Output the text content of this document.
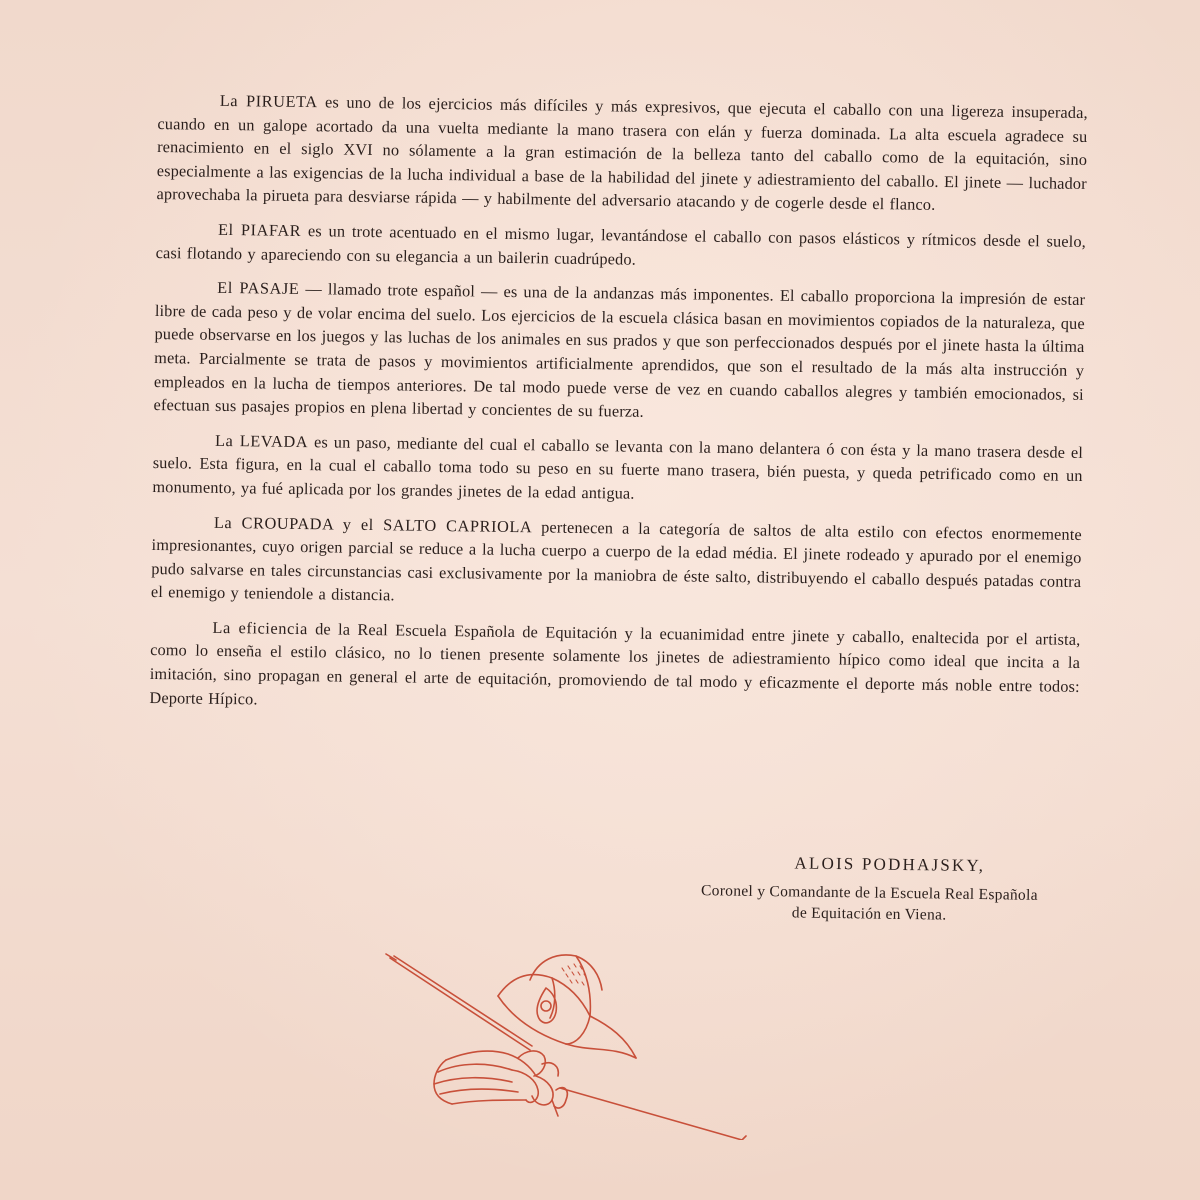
La PIRUETA es uno de los ejercicios más difíciles y más expresivos, que ejecuta el caballo con una ligereza insuperada, cuando en un galope acortado da una vuelta mediante la mano trasera con elán y fuerza dominada. La alta escuela agradece su renacimiento en el siglo XVI no sólamente a la gran estimación de la belleza tanto del caballo como de la equitación, sino especialmente a las exigencias de la lucha individual a base de la habilidad del jinete y adiestramiento del caballo. El jinete — luchador aprovechaba la pirueta para desviarse rápida — y habilmente del adversario atacando y de cogerle desde el flanco.

El PIAFAR es un trote acentuado en el mismo lugar, levantándose el caballo con pasos elásticos y rítmicos desde el suelo, casi flotando y apareciendo con su elegancia a un bailerin cuadrúpedo.

El PASAJE — llamado trote español — es una de la andanzas más imponentes. El caballo proporciona la impresión de estar libre de cada peso y de volar encima del suelo. Los ejercicios de la escuela clásica basan en movimientos copiados de la naturaleza, que puede observarse en los juegos y las luchas de los animales en sus prados y que son perfeccionados después por el jinete hasta la última meta. Parcialmente se trata de pasos y movimientos artificialmente aprendidos, que son el resultado de la más alta instrucción y empleados en la lucha de tiempos anteriores. De tal modo puede verse de vez en cuando caballos alegres y también emocionados, si efectuan sus pasajes propios en plena libertad y concientes de su fuerza.

La LEVADA es un paso, mediante del cual el caballo se levanta con la mano delantera ó con ésta y la mano trasera desde el suelo. Esta figura, en la cual el caballo toma todo su peso en su fuerte mano trasera, bién puesta, y queda petrificado como en un monumento, ya fué aplicada por los grandes jinetes de la edad antigua.

La CROUPADA y el SALTO CAPRIOLA pertenecen a la categoría de saltos de alta estilo con efectos enormemente impresionantes, cuyo origen parcial se reduce a la lucha cuerpo a cuerpo de la edad média. El jinete rodeado y apurado por el enemigo pudo salvarse en tales circunstancias casi exclusivamente por la maniobra de éste salto, distribuyendo el caballo después patadas contra el enemigo y teniendole a distancia.

La eficiencia de la Real Escuela Española de Equitación y la ecuanimidad entre jinete y caballo, enaltecida por el artista, como lo enseña el estilo clásico, no lo tienen presente solamente los jinetes de adiestramiento hípico como ideal que incita a la imitación, sino propagan en general el arte de equitación, promoviendo de tal modo y eficazmente el deporte más noble entre todos: Deporte Hípico.

ALOIS PODHAJSKY,
Coronel y Comandante de la Escuela Real Española
de Equitación en Viena.
